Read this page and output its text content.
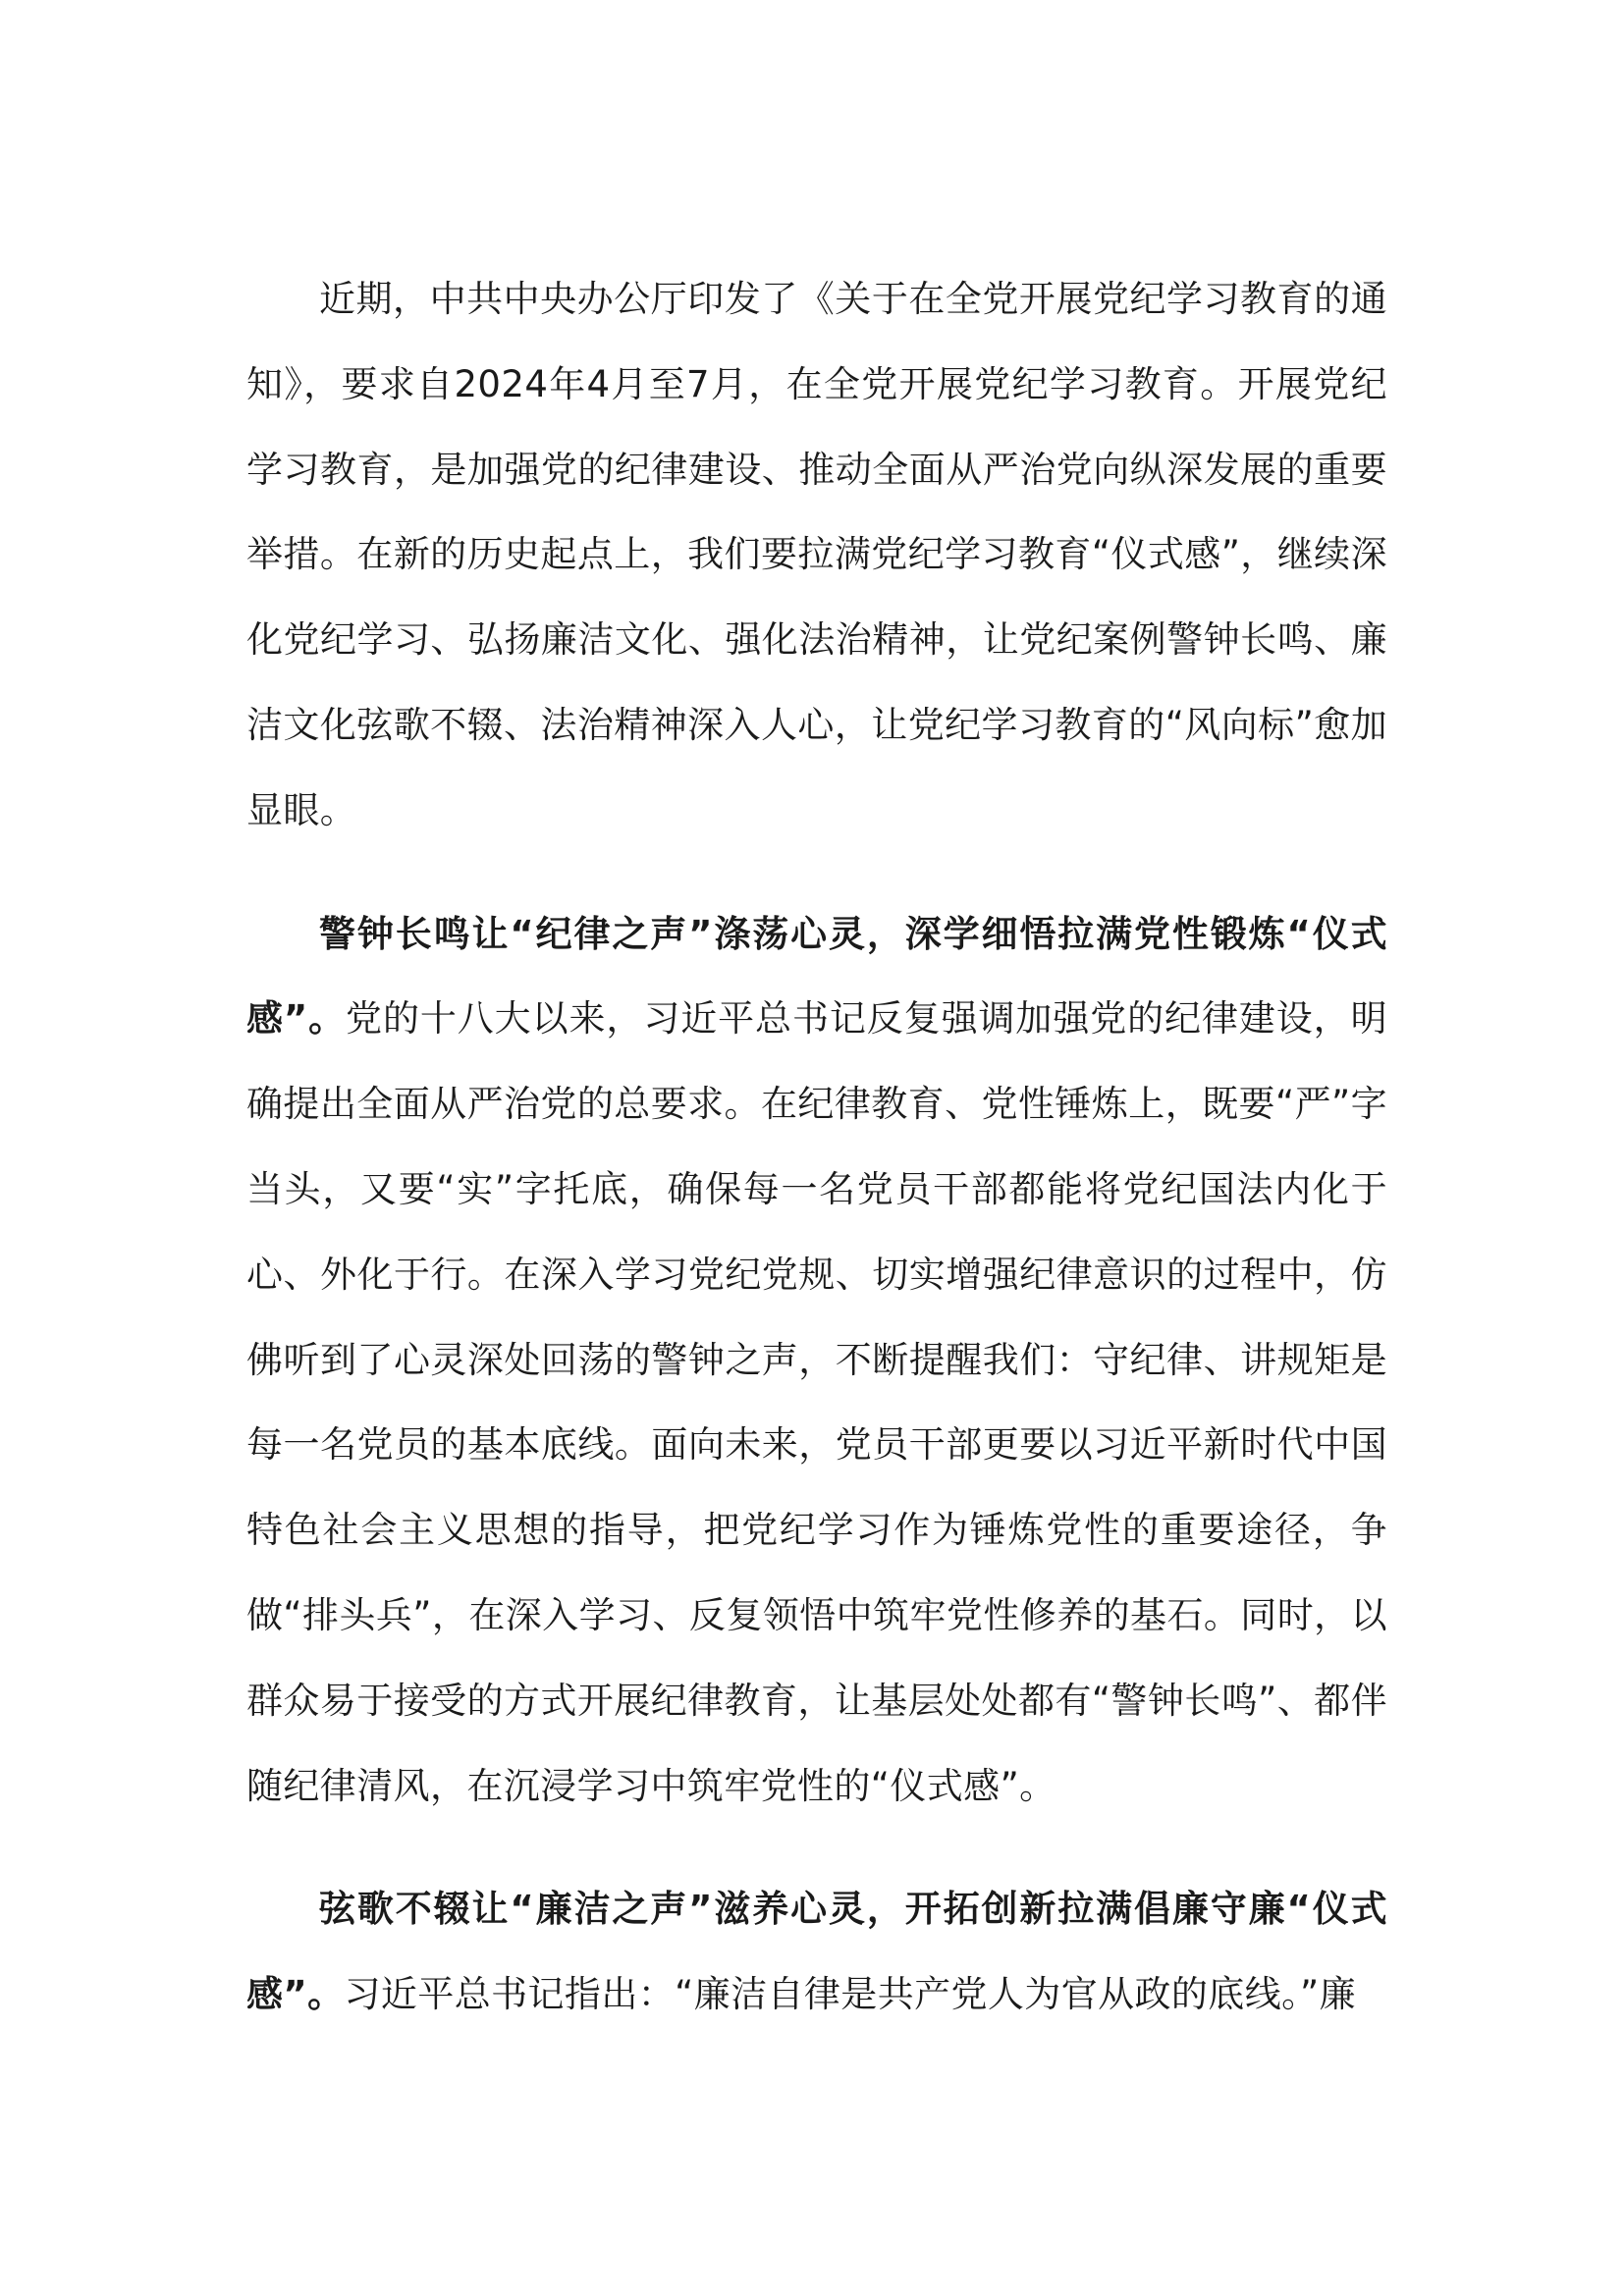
近期，中共中央办公厅印发了《关于在全党开展党纪学习教育的通知》，要求自2024年4月至7月，在全党开展党纪学习教育。开展党纪学习教育，是加强党的纪律建设、推动全面从严治党向纵深发展的重要举措。在新的历史起点上，我们要拉满党纪学习教育“仪式感”，继续深化党纪学习、弘扬廉洁文化、强化法治精神，让党纪案例警钟长鸣、廉洁文化弦歌不辍、法治精神深入人心，让党纪学习教育的“风向标”愈加显眼。

警钟长鸣让“纪律之声”涤荡心灵，深学细悟拉满党性锻炼“仪式感”。党的十八大以来，习近平总书记反复强调加强党的纪律建设，明确提出全面从严治党的总要求。在纪律教育、党性锤炼上，既要“严”字当头，又要“实”字托底，确保每一名党员干部都能将党纪国法内化于心、外化于行。在深入学习党纪党规、切实增强纪律意识的过程中，仿佛听到了心灵深处回荡的警钟之声，不断提醒我们：守纪律、讲规矩是每一名党员的基本底线。面向未来，党员干部更要以习近平新时代中国特色社会主义思想的指导，把党纪学习作为锤炼党性的重要途径，争做“排头兵”，在深入学习、反复领悟中筑牢党性修养的基石。同时，以群众易于接受的方式开展纪律教育，让基层处处都有“警钟长鸣”、都伴随纪律清风，在沉浸学习中筑牢党性的“仪式感”。

弦歌不辍让“廉洁之声”滋养心灵，开拓创新拉满倡廉守廉“仪式感”。习近平总书记指出：“廉洁自律是共产党人为官从政的底线。”廉
